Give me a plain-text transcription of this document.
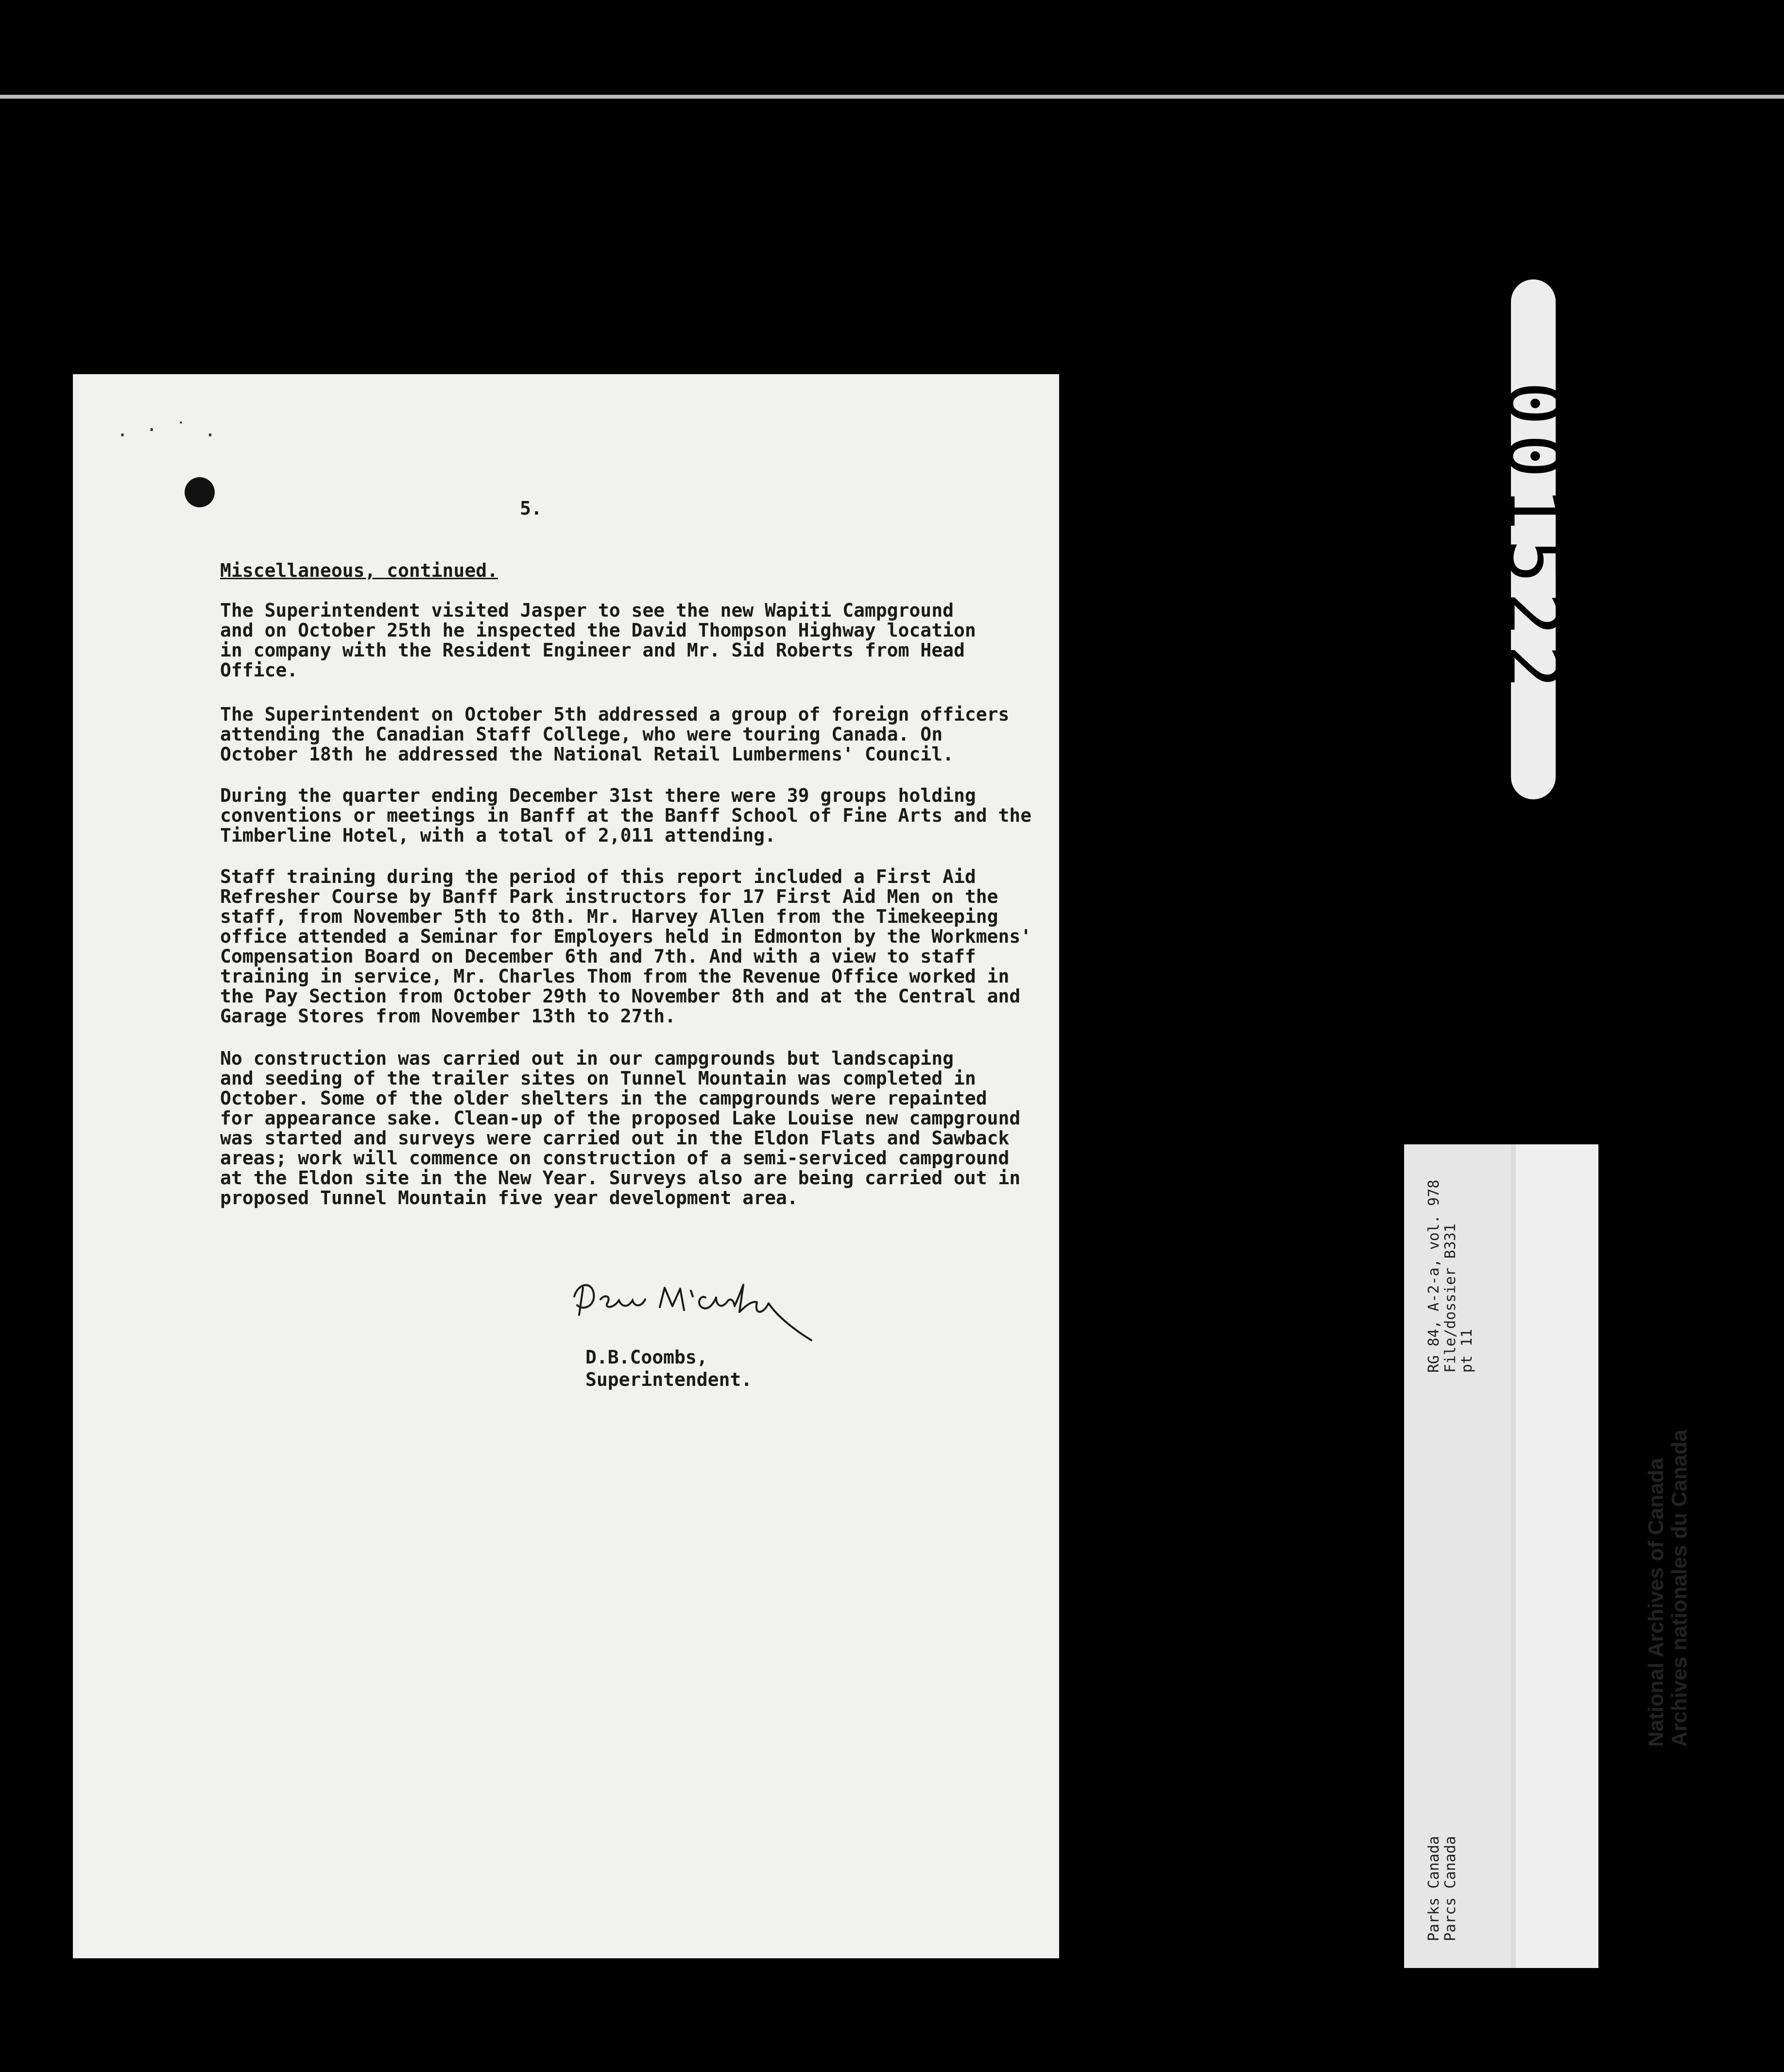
. · ˙ .

5.

Miscellaneous, continued.

The Superintendent visited Jasper to see the new Wapiti Campground
and on October 25th he inspected the David Thompson Highway location
in company with the Resident Engineer and Mr. Sid Roberts from Head
Office.

The Superintendent on October 5th addressed a group of foreign officers
attending the Canadian Staff College, who were touring Canada. On
October 18th he addressed the National Retail Lumbermens' Council.

During the quarter ending December 31st there were 39 groups holding
conventions or meetings in Banff at the Banff School of Fine Arts and the
Timberline Hotel, with a total of 2,011 attending.

Staff training during the period of this report included a First Aid
Refresher Course by Banff Park instructors for 17 First Aid Men on the
staff, from November 5th to 8th. Mr. Harvey Allen from the Timekeeping
office attended a Seminar for Employers held in Edmonton by the Workmens'
Compensation Board on December 6th and 7th. And with a view to staff
training in service, Mr. Charles Thom from the Revenue Office worked in
the Pay Section from October 29th to November 8th and at the Central and
Garage Stores from November 13th to 27th.

No construction was carried out in our campgrounds but landscaping
and seeding of the trailer sites on Tunnel Mountain was completed in
October. Some of the older shelters in the campgrounds were repainted
for appearance sake. Clean-up of the proposed Lake Louise new campground
was started and surveys were carried out in the Eldon Flats and Sawback
areas; work will commence on construction of a semi-serviced campground
at the Eldon site in the New Year. Surveys also are being carried out in
proposed Tunnel Mountain five year development area.

D.B.Coombs,
Superintendent.

001522
RG 84, A-2-a, vol. 978 File/dossier B331 pt 11
Parks Canada Parcs Canada
National Archives of Canada Archives nationales du Canada
